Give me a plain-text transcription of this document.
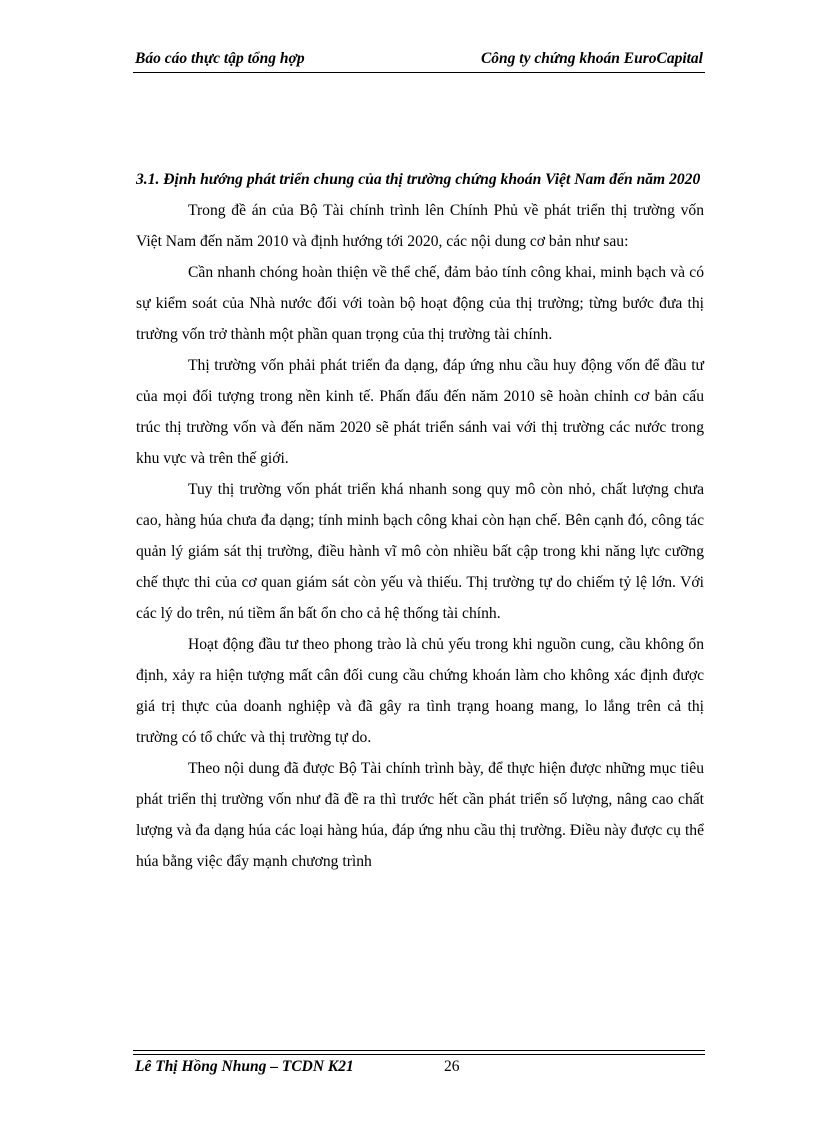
Báo cáo thực tập tổng hợp	Công ty chứng khoán EuroCapital

3.1. Định hướng phát triển chung của thị trường chứng khoán Việt Nam đến năm 2020

Trong đề án của Bộ Tài chính trình lên Chính Phủ về phát triển thị trường vốn Việt Nam đến năm 2010 và định hướng tới 2020, các nội dung cơ bản như sau:

Cần nhanh chóng hoàn thiện về thể chế, đảm bảo tính công khai, minh bạch và có sự kiểm soát của Nhà nước đối với toàn bộ hoạt động của thị trường; từng bước đưa thị trường vốn trở thành một phần quan trọng của thị trường tài chính.

Thị trường vốn phải phát triển đa dạng, đáp ứng nhu cầu huy động vốn để đầu tư của mọi đối tượng trong nền kinh tế. Phấn đấu đến năm 2010 sẽ hoàn chỉnh cơ bản cấu trúc thị trường vốn và đến năm 2020 sẽ phát triển sánh vai với thị trường các nước trong khu vực và trên thế giới.

Tuy thị trường vốn phát triển khá nhanh song quy mô còn nhỏ, chất lượng chưa cao, hàng húa chưa đa dạng; tính minh bạch công khai còn hạn chế. Bên cạnh đó, công tác quản lý giám sát thị trường, điều hành vĩ mô còn nhiều bất cập trong khi năng lực cưỡng chế thực thi của cơ quan giám sát còn yếu và thiếu. Thị trường tự do chiếm tỷ lệ lớn. Với các lý do trên, nú tiềm ẩn bất ổn cho cả hệ thống tài chính.

Hoạt động đầu tư theo phong trào là chủ yếu trong khi nguồn cung, cầu không ổn định, xảy ra hiện tượng mất cân đối cung cầu chứng khoán làm cho không xác định được giá trị thực của doanh nghiệp và đã gây ra tình trạng hoang mang, lo lắng trên cả thị trường có tổ chức và thị trường tự do.

Theo nội dung đã được Bộ Tài chính trình bày, để thực hiện được những mục tiêu phát triển thị trường vốn như đã đề ra thì trước hết cần phát triển số lượng, nâng cao chất lượng và đa dạng húa các loại hàng húa, đáp ứng nhu cầu thị trường. Điều này được cụ thể húa bằng việc đẩy mạnh chương trình

Lê Thị Hồng Nhung – TCDN K21	26
